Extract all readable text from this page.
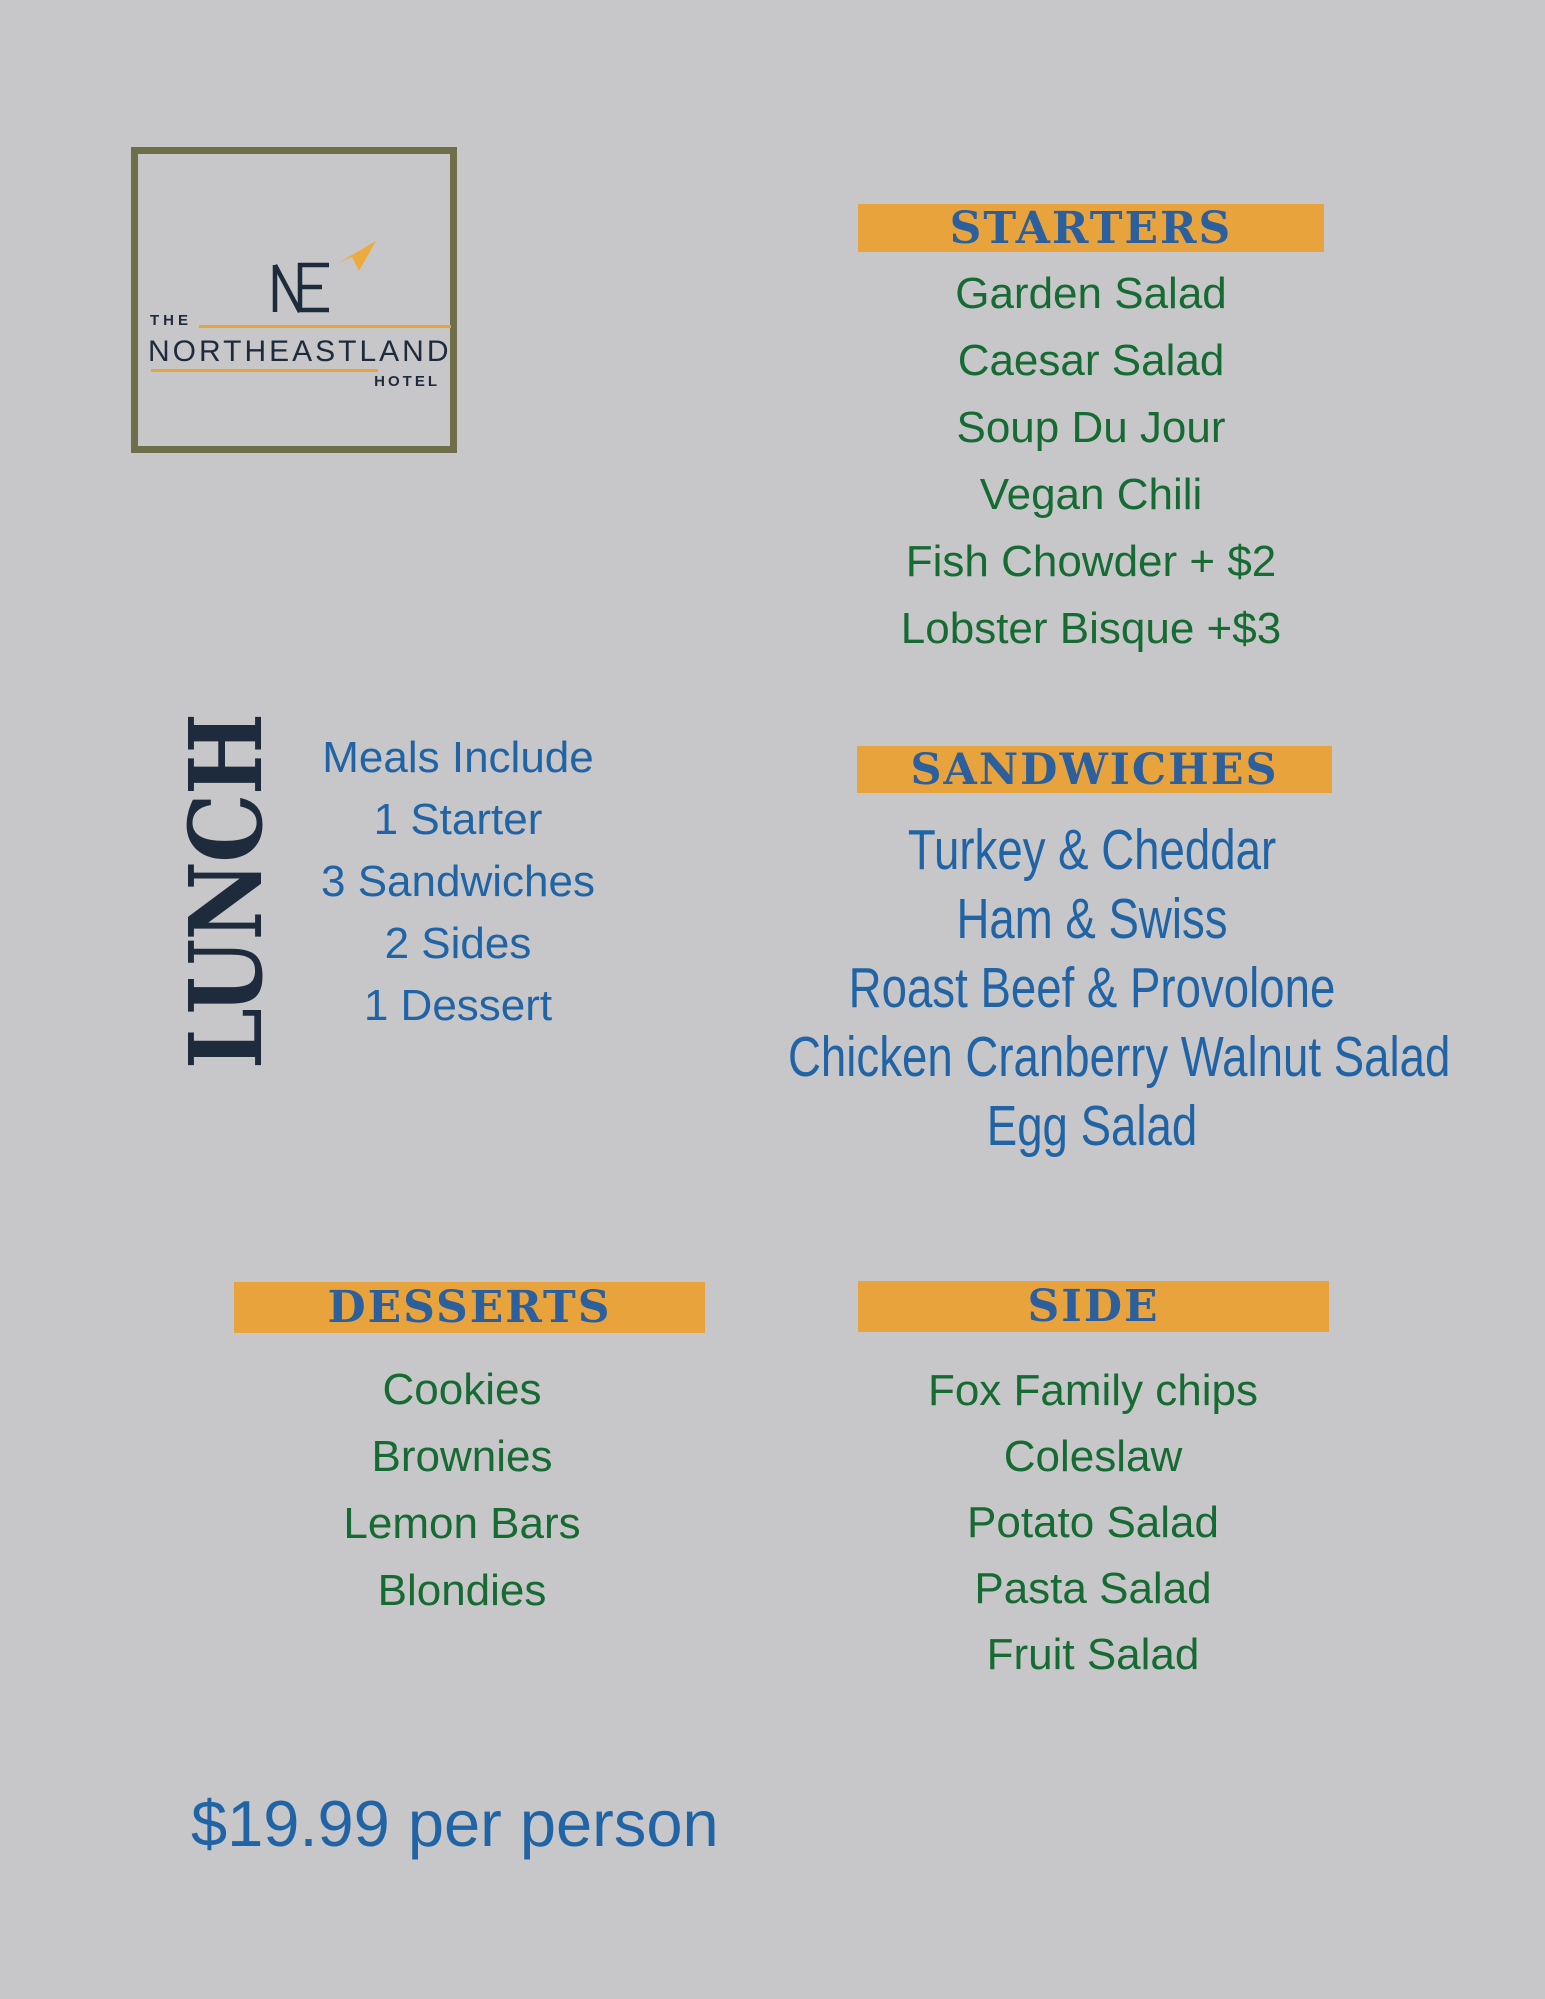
THE
NORTHEASTLAND
HOTEL
STARTERS
Garden Salad
Caesar Salad
Soup Du Jour
Vegan Chili
Fish Chowder + $2
Lobster Bisque +$3
LUNCH Meals Include
1 Starter
3 Sandwiches
2 Sides
1 Dessert
SANDWICHES
Turkey & Cheddar
Ham & Swiss
Roast Beef & Provolone
Chicken Cranberry Walnut Salad
Egg Salad
DESSERTS
Cookies
Brownies
Lemon Bars
Blondies
SIDE
Fox Family chips
Coleslaw
Potato Salad
Pasta Salad
Fruit Salad
$19.99 per person
